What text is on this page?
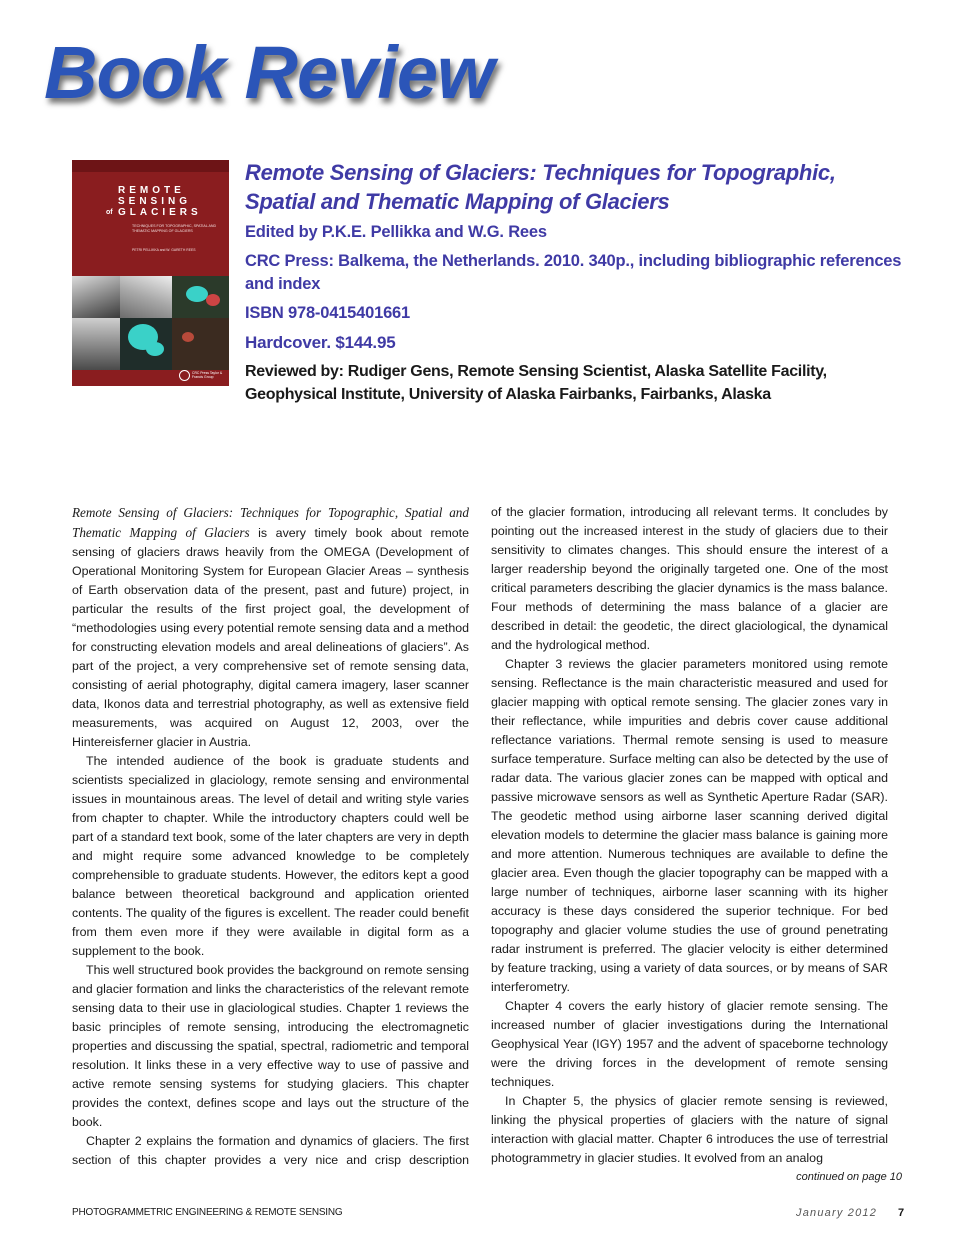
Book Review
REMOTE
SENSING
GLACIERS
of
TECHNIQUES FOR TOPOGRAPHIC, SPATIAL AND THEMATIC MAPPING OF GLACIERS
PETRI PELLIKKA and W. GARETH REES
CRC Press Taylor & Francis Group
Remote Sensing of Glaciers: Techniques for Topographic, Spatial and Thematic Mapping of Glaciers
Edited by P.K.E. Pellikka and W.G. Rees
CRC Press: Balkema, the Netherlands. 2010. 340p., including bibliographic references and index
ISBN 978-0415401661
Hardcover. $144.95
Reviewed by: Rudiger Gens, Remote Sensing Scientist, Alaska Satellite Facility, Geophysical Institute, University of Alaska Fairbanks, Fairbanks, Alaska

Remote Sensing of Glaciers: Techniques for Topographic, Spatial and Thematic Mapping of Glaciers is avery timely book about remote sensing of glaciers draws heavily from the OMEGA (Development of Operational Monitoring System for European Glacier Areas – synthesis of Earth observation data of the present, past and future) project, in particular the results of the first project goal, the development of “methodologies using every potential remote sensing data and a method for constructing elevation models and areal delineations of glaciers”. As part of the project, a very comprehensive set of remote sensing data, consisting of aerial photography, digital camera imagery, laser scanner data, Ikonos data and terrestrial photography, as well as extensive field measurements, was acquired on August 12, 2003, over the Hintereisferner glacier in Austria.

The intended audience of the book is graduate students and scientists specialized in glaciology, remote sensing and environmental issues in mountainous areas. The level of detail and writing style varies from chapter to chapter. While the introductory chapters could well be part of a standard text book, some of the later chapters are very in depth and might require some advanced knowledge to be completely comprehensible to graduate students. However, the editors kept a good balance between theoretical background and application oriented contents. The quality of the figures is excellent. The reader could benefit from them even more if they were available in digital form as a supplement to the book.

This well structured book provides the background on remote sensing and glacier formation and links the characteristics of the relevant remote sensing data to their use in glaciological studies. Chapter 1 reviews the basic principles of remote sensing, introducing the electromagnetic properties and discussing the spatial, spectral, radiometric and temporal resolution. It links these in a very effective way to use of passive and active remote sensing systems for studying glaciers. This chapter provides the context, defines scope and lays out the structure of the book.

Chapter 2 explains the formation and dynamics of glaciers. The first section of this chapter provides a very nice and crisp description

of the glacier formation, introducing all relevant terms. It concludes by pointing out the increased interest in the study of glaciers due to their sensitivity to climates changes. This should ensure the interest of a larger readership beyond the originally targeted one. One of the most critical parameters describing the glacier dynamics is the mass balance. Four methods of determining the mass balance of a glacier are described in detail: the geodetic, the direct glaciological, the dynamical and the hydrological method.

Chapter 3 reviews the glacier parameters monitored using remote sensing. Reflectance is the main characteristic measured and used for glacier mapping with optical remote sensing. The glacier zones vary in their reflectance, while impurities and debris cover cause additional reflectance variations. Thermal remote sensing is used to measure surface temperature. Surface melting can also be detected by the use of radar data. The various glacier zones can be mapped with optical and passive microwave sensors as well as Synthetic Aperture Radar (SAR). The geodetic method using airborne laser scanning derived digital elevation models to determine the glacier mass balance is gaining more and more attention. Numerous techniques are available to define the glacier area. Even though the glacier topography can be mapped with a large number of techniques, airborne laser scanning with its higher accuracy is these days considered the superior technique. For bed topography and glacier volume studies the use of ground penetrating radar instrument is preferred. The glacier velocity is either determined by feature tracking, using a variety of data sources, or by means of SAR interferometry.

Chapter 4 covers the early history of glacier remote sensing. The increased number of glacier investigations during the International Geophysical Year (IGY) 1957 and the advent of spaceborne technology were the driving forces in the development of remote sensing techniques.

In Chapter 5, the physics of glacier remote sensing is reviewed, linking the physical properties of glaciers with the nature of signal interaction with glacial matter. Chapter 6 introduces the use of terrestrial photogrammetry in glacier studies. It evolved from an analog

continued on page 10
PHOTOGRAMMETRIC ENGINEERING & REMOTE SENSING	January 2012 7
